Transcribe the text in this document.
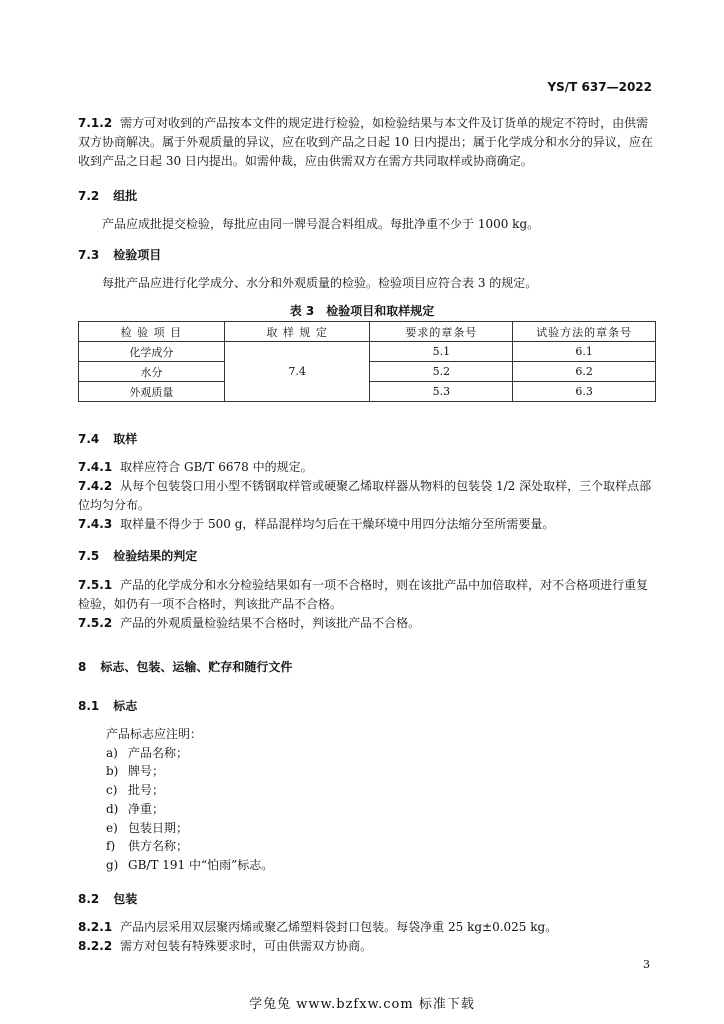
YS/T 637—2022
7.1.2 需方可对收到的产品按本文件的规定进行检验，如检验结果与本文件及订货单的规定不符时，由供需双方协商解决。属于外观质量的异议，应在收到产品之日起 10 日内提出；属于化学成分和水分的异议，应在收到产品之日起 30 日内提出。如需仲裁，应由供需双方在需方共同取样或协商确定。
7.2 组批
产品应成批提交检验，每批应由同一牌号混合料组成。每批净重不少于 1000 kg。
7.3 检验项目
每批产品应进行化学成分、水分和外观质量的检验。检验项目应符合表 3 的规定。
表 3　检验项目和取样规定
检 验 项 目	取 样 规 定	要求的章条号	试验方法的章条号
化学成分	7.4	5.1	6.1
水分		5.2	6.2
外观质量		5.3	6.3
7.4 取样
7.4.1 取样应符合 GB/T 6678 中的规定。
7.4.2 从每个包装袋口用小型不锈钢取样管或硬聚乙烯取样器从物料的包装袋 1/2 深处取样，三个取样点部位均匀分布。
7.4.3 取样量不得少于 500 g，样品混样均匀后在干燥环境中用四分法缩分至所需要量。
7.5 检验结果的判定
7.5.1 产品的化学成分和水分检验结果如有一项不合格时，则在该批产品中加倍取样，对不合格项进行重复检验，如仍有一项不合格时，判该批产品不合格。
7.5.2 产品的外观质量检验结果不合格时，判该批产品不合格。
8 标志、包装、运输、贮存和随行文件
8.1 标志
产品标志应注明：
a) 产品名称；
b) 牌号；
c) 批号；
d) 净重；
e) 包装日期；
f)	供方名称；
g) GB/T 191 中“怕雨”标志。
8.2 包装
8.2.1 产品内层采用双层聚丙烯或聚乙烯塑料袋封口包装。每袋净重 25 kg±0.025 kg。
8.2.2 需方对包装有特殊要求时，可由供需双方协商。
3
学兔兔 www.bzfxw.com 标准下载
